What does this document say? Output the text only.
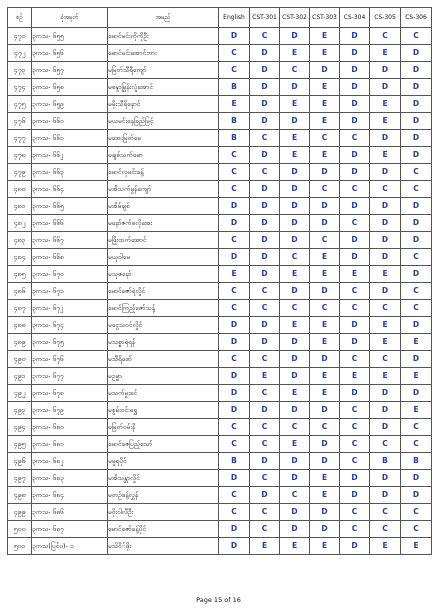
စဉ်	ခုံအမှတ်	အမည်	English	CST-301	CST-302	CST-303	CS-304	CS-305	CS-306
၄၇၀	၃ကသ- ၆၅၅	မောင်မင်းကိုကိုဦး	D	C	D	E	D	C	C
၄၇၂	၃ကသ- ၆၅၆	မောင်မင်းအောင်ဘား	C	D	E	E	D	E	D
၄၇၃	၃ကသ- ၆၅၇	မမြတ်သီရီကျော်	C	D	C	D	D	D	D
၄၇၄	၃ကသ- ၆၅၈	မစန္ဒာမြွန်းလှုံအောင်	B	D	D	E	D	D	D
၄၇၅	၃ကသ- ၆၅၉	မမိုးသီရိနောင်	E	D	E	E	D	E	D
၄၇၆	၃ကသ- ၆၆၀	မယမင်းနေခြည်မြင့်	B	D	D	E	D	E	D
၄၇၇	၃ကသ- ၆၆၁	မအေးမြတ်မေ	B	C	E	C	C	D	D
၄၇၈	၃ကသ- ၆၆၂	မချစ်သက်မော	C	D	E	E	D	E	D
၄၇၉	၃ကသ- ၆၆၃	မောင်လှမင်းခန့်	C	C	D	D	D	D	C
၄၈၀	၃ကသ- ၆၆၄	မအိသက်မွန်ကျော်	C	D	D	C	C	C	C
၄၈၁	၃ကသ- ၆၆၅	မအိမ်ချစ်	D	D	D	D	D	D	D
၄၈၂	၃ကသ- ၆၆၆	မနော်ဇက်ဖလိုအေး	D	D	D	D	C	D	D
၄၈၃	၃ကသ- ၆၆၇	မဖြိုးထက်အောင်	C	D	D	C	D	D	D
၄၈၄	၃ကသ- ၆၆၈	မယုဝါမေ	D	D	C	E	D	D	C
၄၈၅	၃ကသ- ၆၇၀	မသုဇနော်	E	D	E	E	E	E	D
၄၈၆	၃ကသ- ၆၇၁	မောင်ဇော်ရဲလှိုင်	C	C	D	D	C	D	C
၄၈၇	၃ကသ- ၆၇၂	မောင်ကြည့်ဇော်သန့်	C	C	C	C	C	C	C
၄၈၈	၃ကသ- ၆၇၄	မငွေသဝင်လှိုင်	D	D	E	E	D	E	D
၄၈၉	၃ကသ- ၆၇၅	မသစ္စာရဲရန်	D	D	D	E	D	E	E
၄၉၀	၃ကသ- ၆၇၆	မသီရိဖော်	C	C	D	D	C	C	D
၄၉၁	၃ကသ- ၆၇၇	မဥမ္မာ	D	E	D	E	E	E	E
၄၉၂	၃ကသ- ၆၇၈	မသက်မှုးခင်	D	C	E	E	D	D	D
၄၉၃	၃ကသ- ၆၇၉	မစွမ်းဝင်းရွှေ	D	D	D	D	C	D	E
၄၉၄	၃ကသ- ၆၈၀	မမြတ်ဝမ်းနိ	C	C	C	C	C	D	C
၄၉၅	၃ကသ- ၆၈၁	မောင်ဇေပြည့်သော်	C	C	E	D	C	C	C
၄၉၆	၃ကသ- ၆၈၂	မမှုရပိုင်	B	D	D	D	C	B	B
၄၉၇	၃ကသ- ၆၈၃	မအိသန္တာလှိုင်	D	C	D	E	D	D	D
၄၉၈	၃ကသ- ၆၈၄	မတဉ်ခန့်လွှန်	C	D	C	E	D	D	D
၄၉၉	၃ကသ- ၆၈၆	မဝိုးဝါလီဦး	C	C	D	D	C	C	C
၅၀၀	၃ကသ- ၆၈၇	မောင်ဇော်ခန့်ပိုင်	D	C	D	D	C	C	C
၅၀၁	၃ကသ(ပြင်ပ)- ၁	မသိဝိ်ဖိုး	D	E	E	E	D	E	E
Page 15 of 16
